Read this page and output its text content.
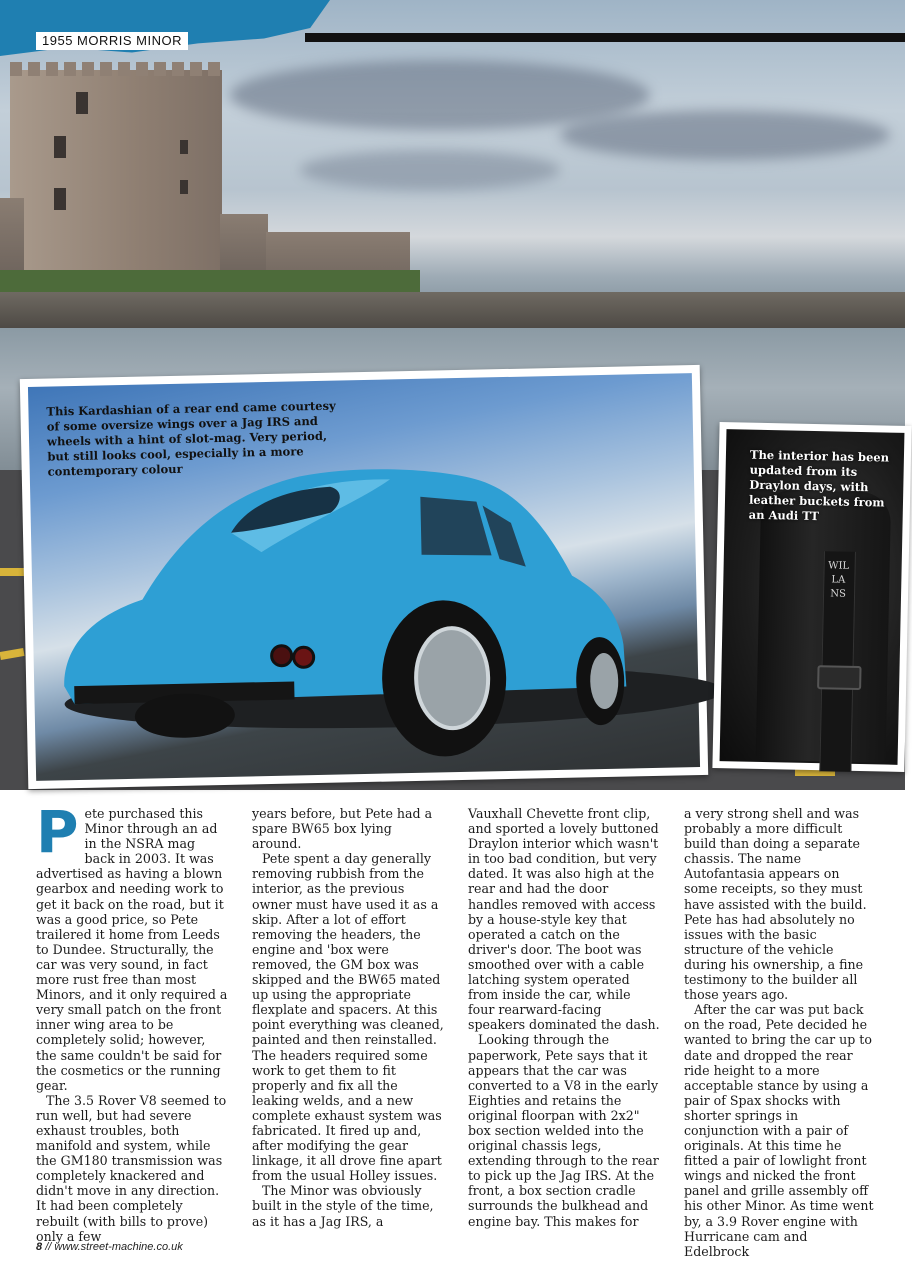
1955 MORRIS MINOR
This Kardashian of a rear end came courtesy of some oversize wings over a Jag IRS and wheels with a hint of slot-mag. Very period, but still looks cool, especially in a more contemporary colour
WILLANS
The interior has been updated from its Draylon days, with leather buckets from an Audi TT

Pete purchased this Minor through an ad in the NSRA mag back in 2003. It was advertised as having a blown gearbox and needing work to get it back on the road, but it was a good price, so Pete trailered it home from Leeds to Dundee. Structurally, the car was very sound, in fact more rust free than most Minors, and it only required a very small patch on the front inner wing area to be completely solid; however, the same couldn't be said for the cosmetics or the running gear.

The 3.5 Rover V8 seemed to run well, but had severe exhaust troubles, both manifold and system, while the GM180 transmission was completely knackered and didn't move in any direction. It had been completely rebuilt (with bills to prove) only a few

years before, but Pete had a spare BW65 box lying around.

Pete spent a day generally removing rubbish from the interior, as the previous owner must have used it as a skip. After a lot of effort removing the headers, the engine and 'box were removed, the GM box was skipped and the BW65 mated up using the appropriate flexplate and spacers. At this point everything was cleaned, painted and then reinstalled. The headers required some work to get them to fit properly and fix all the leaking welds, and a new complete exhaust system was fabricated. It fired up and, after modifying the gear linkage, it all drove fine apart from the usual Holley issues.

The Minor was obviously built in the style of the time, as it has a Jag IRS, a

Vauxhall Chevette front clip, and sported a lovely buttoned Draylon interior which wasn't in too bad condition, but very dated. It was also high at the rear and had the door handles removed with access by a house-style key that operated a catch on the driver's door. The boot was smoothed over with a cable latching system operated from inside the car, while four rearward-facing speakers dominated the dash.

Looking through the paperwork, Pete says that it appears that the car was converted to a V8 in the early Eighties and retains the original floorpan with 2x2" box section welded into the original chassis legs, extending through to the rear to pick up the Jag IRS. At the front, a box section cradle surrounds the bulkhead and engine bay. This makes for

a very strong shell and was probably a more difficult build than doing a separate chassis. The name Autofantasia appears on some receipts, so they must have assisted with the build. Pete has had absolutely no issues with the basic structure of the vehicle during his ownership, a fine testimony to the builder all those years ago.

After the car was put back on the road, Pete decided he wanted to bring the car up to date and dropped the rear ride height to a more acceptable stance by using a pair of Spax shocks with shorter springs in conjunction with a pair of originals. At this time he fitted a pair of lowlight front wings and nicked the front panel and grille assembly off his other Minor. As time went by, a 3.9 Rover engine with Hurricane cam and Edelbrock

8 // www.street-machine.co.uk
